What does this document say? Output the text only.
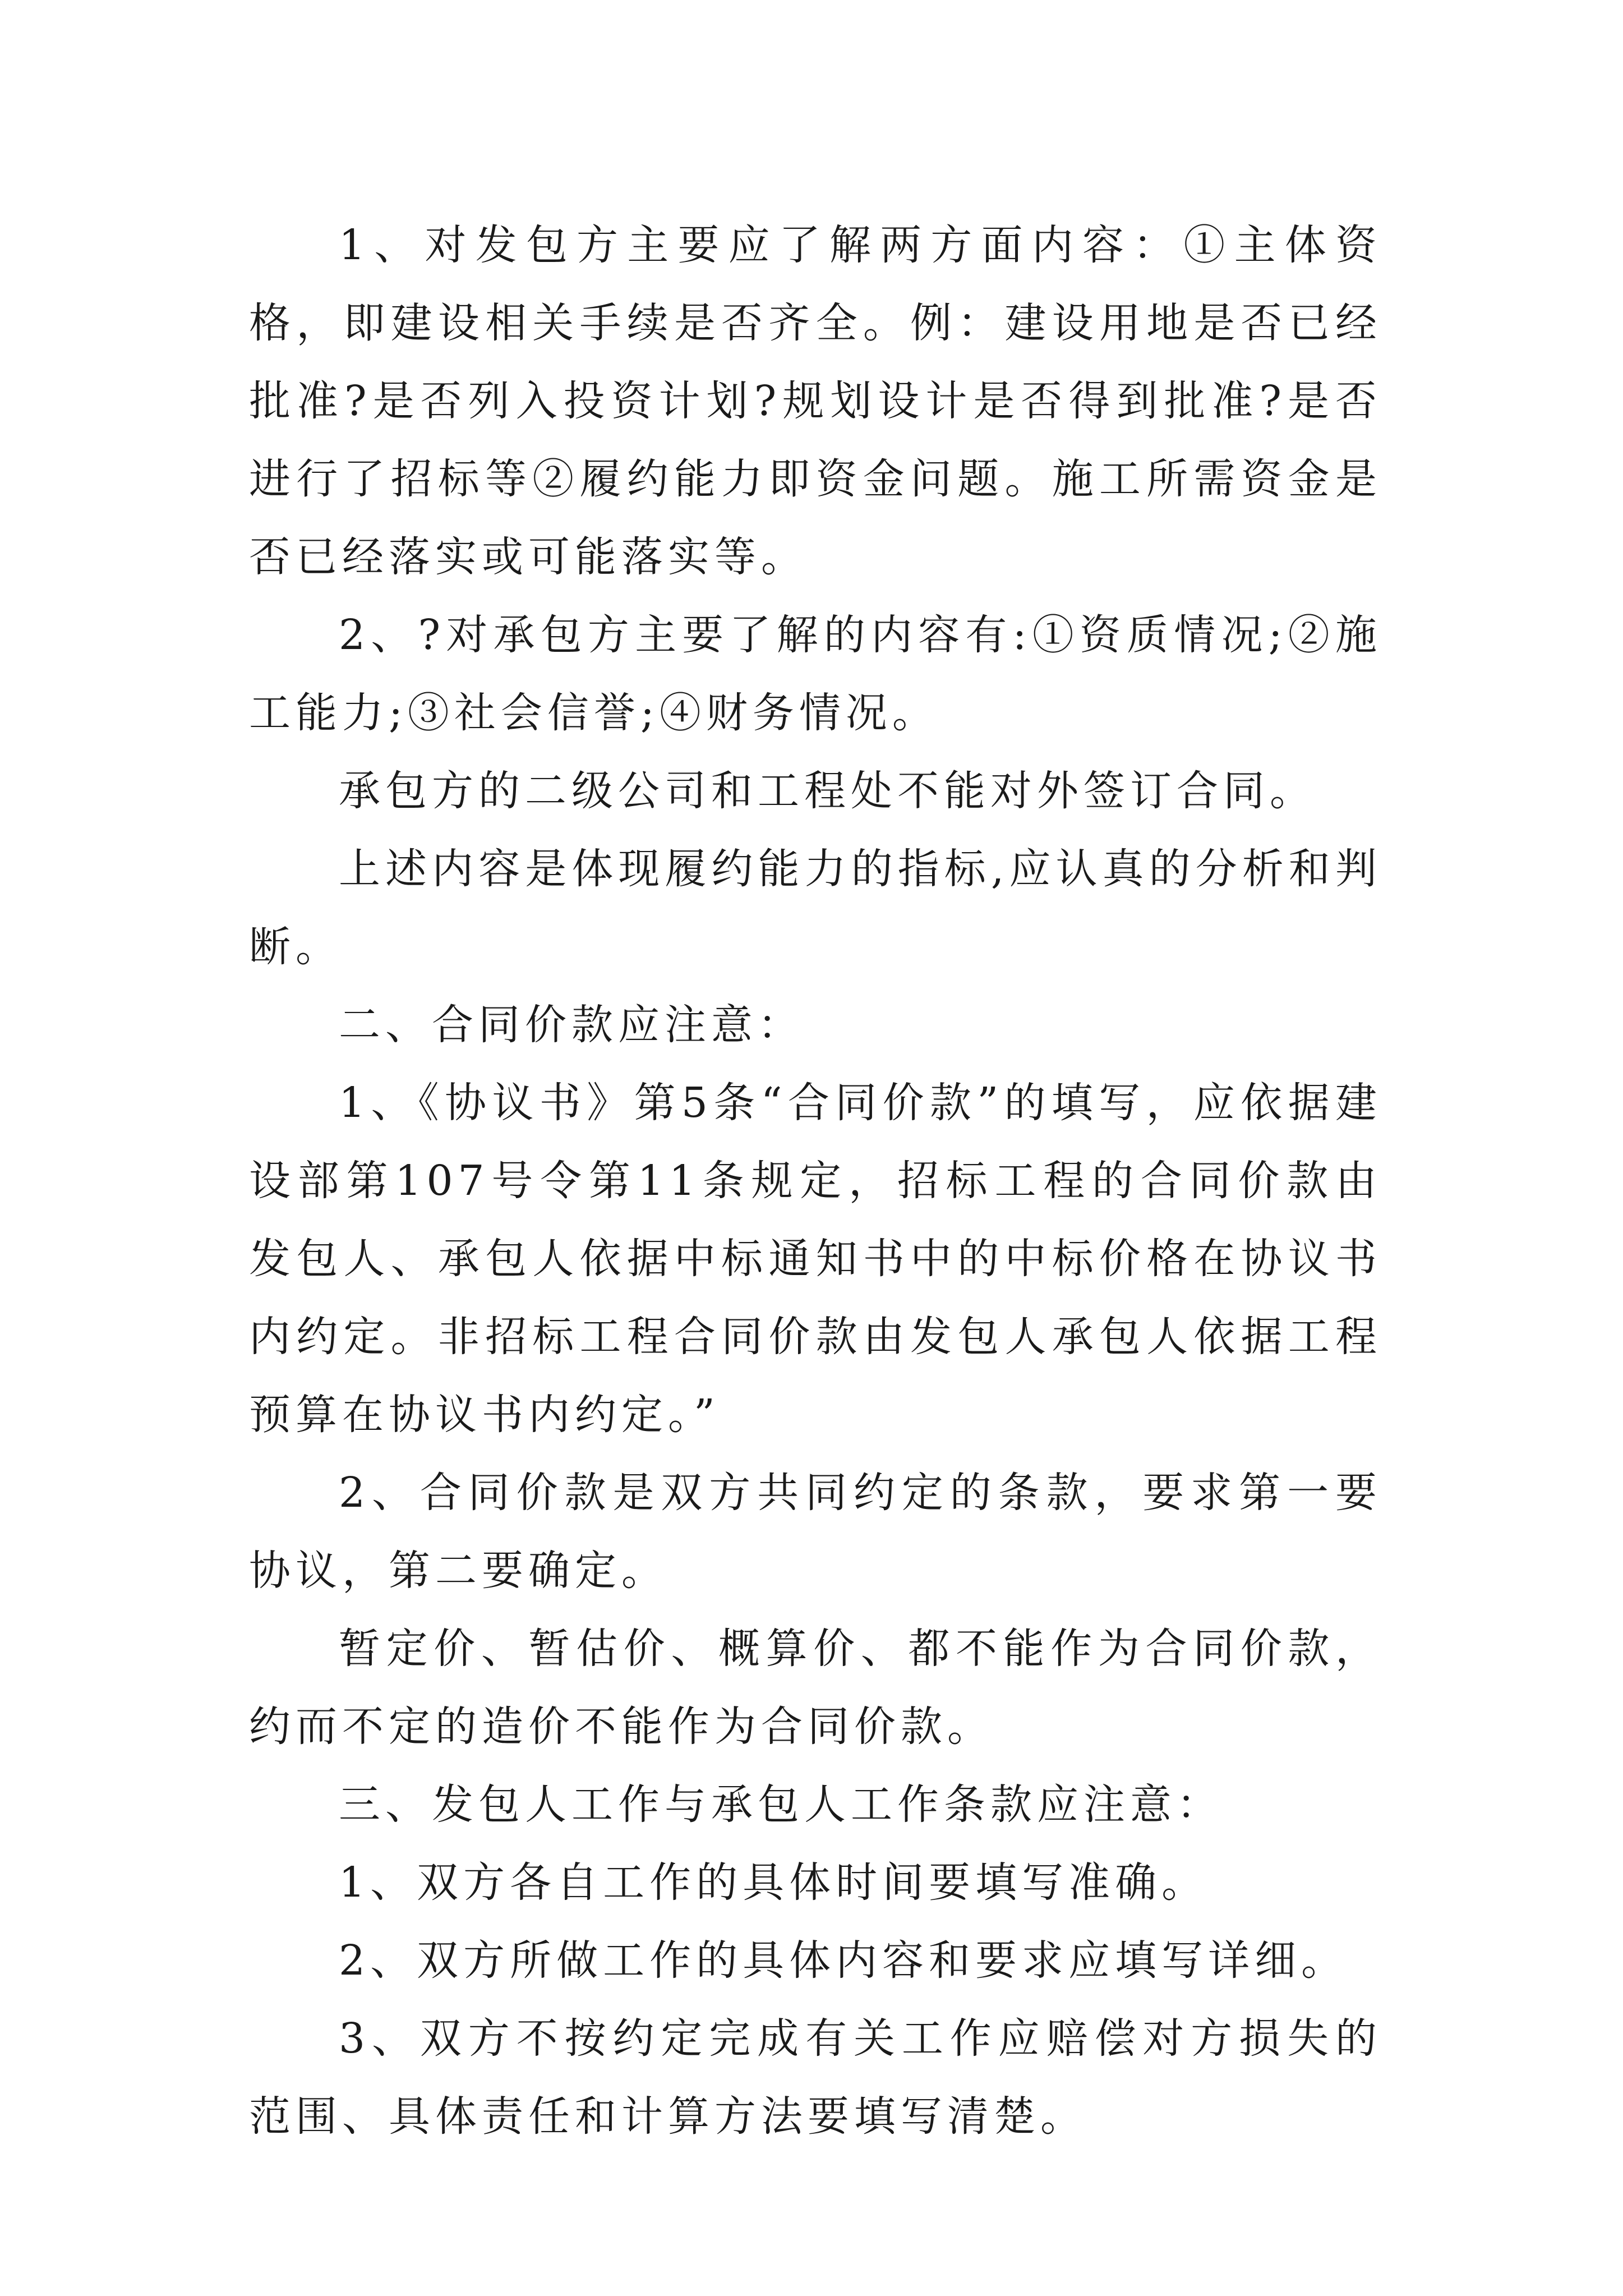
1、对发包方主要应了解两方面内容：①主体资格，即建设相关手续是否齐全。例：建设用地是否已经批准?是否列入投资计划?规划设计是否得到批准?是否进行了招标等②履约能力即资金问题。施工所需资金是否已经落实或可能落实等。

2、?对承包方主要了解的内容有:①资质情况;②施工能力;③社会信誉;④财务情况。

承包方的二级公司和工程处不能对外签订合同。

上述内容是体现履约能力的指标,应认真的分析和判断。

二、合同价款应注意：

1、《协议书》第5条“合同价款”的填写，应依据建设部第107号令第11条规定，招标工程的合同价款由发包人、承包人依据中标通知书中的中标价格在协议书内约定。非招标工程合同价款由发包人承包人依据工程预算在协议书内约定。”

2、合同价款是双方共同约定的条款，要求第一要协议，第二要确定。

暂定价、暂估价、概算价、都不能作为合同价款，约而不定的造价不能作为合同价款。

三、发包人工作与承包人工作条款应注意：

1、双方各自工作的具体时间要填写准确。

2、双方所做工作的具体内容和要求应填写详细。

3、双方不按约定完成有关工作应赔偿对方损失的范围、具体责任和计算方法要填写清楚。
